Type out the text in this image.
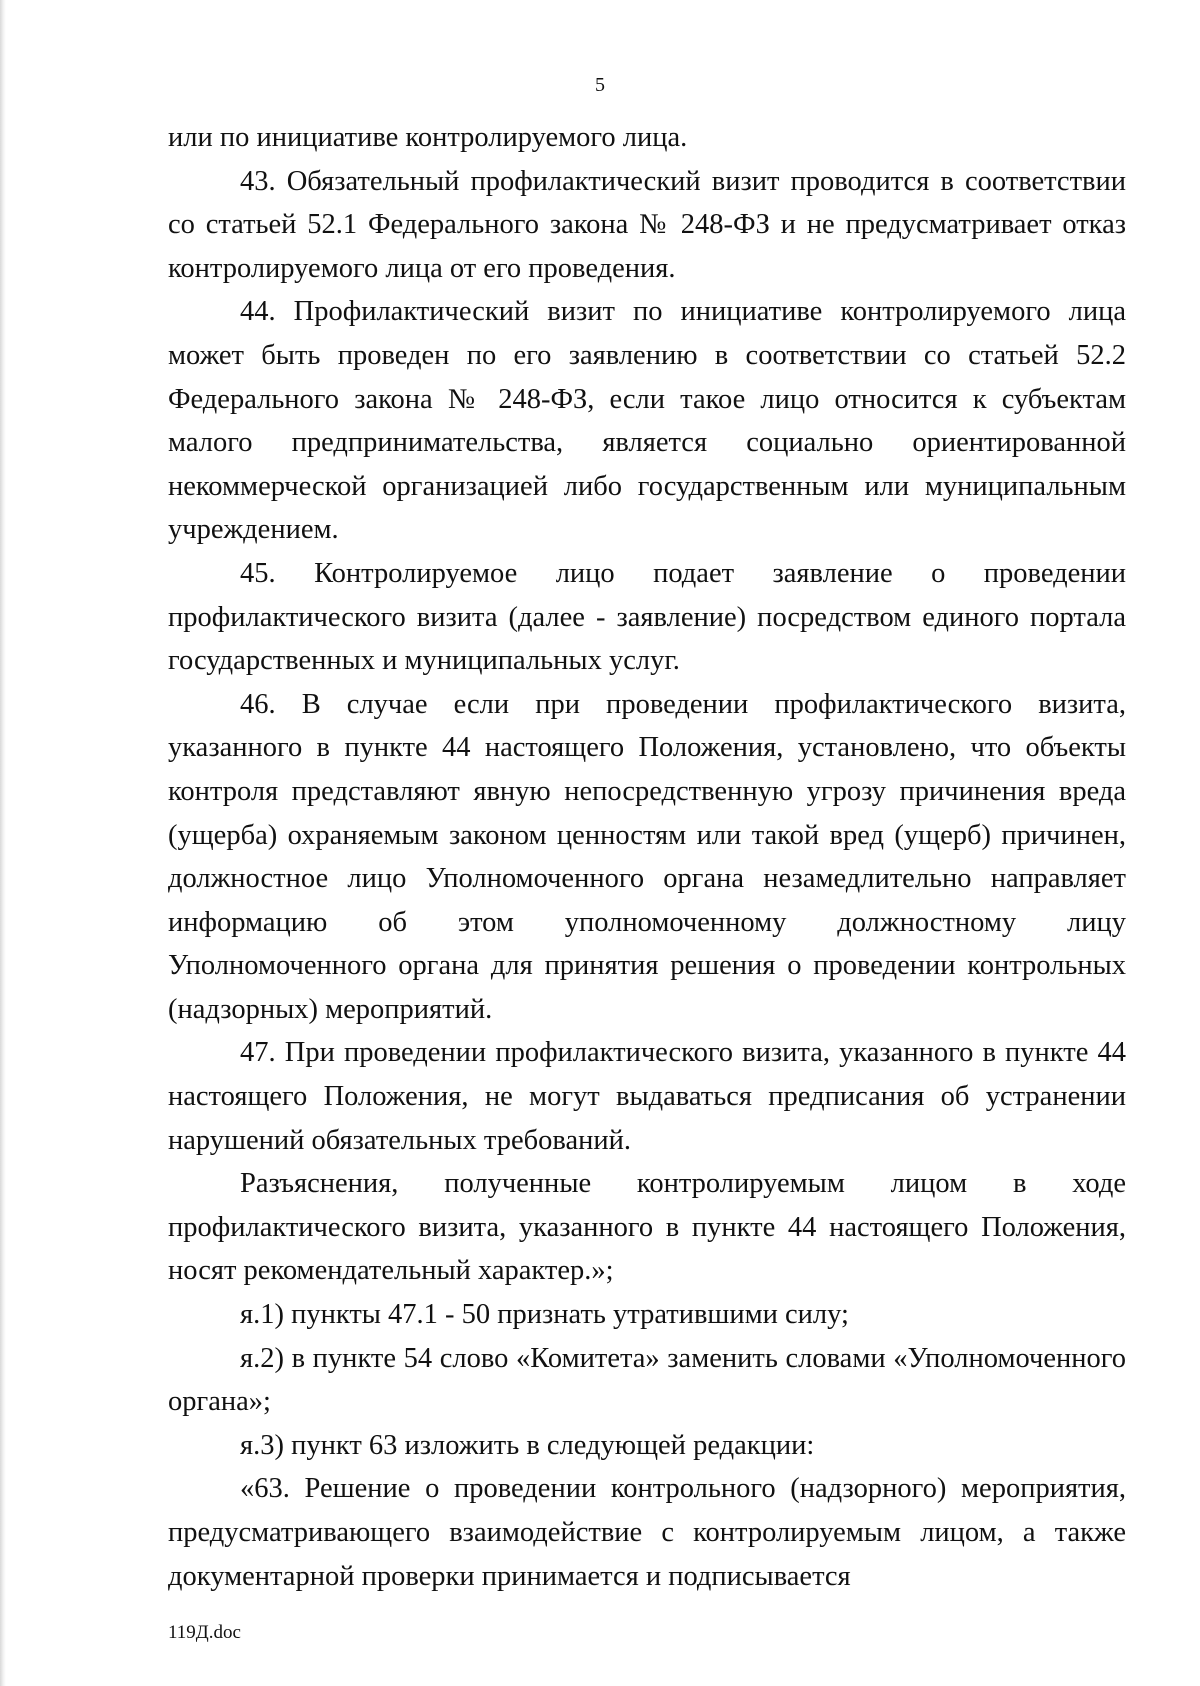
5

или по инициативе контролируемого лица.

43. Обязательный профилактический визит проводится в соответствии со статьей 52.1 Федерального закона № 248-ФЗ и не предусматривает отказ контролируемого лица от его проведения.

44. Профилактический визит по инициативе контролируемого лица может быть проведен по его заявлению в соответствии со статьей 52.2 Федерального закона № 248-ФЗ, если такое лицо относится к субъектам малого предпринимательства, является социально ориентированной некоммерческой организацией либо государственным или муниципальным учреждением.

45. Контролируемое лицо подает заявление о проведении профилактического визита (далее - заявление) посредством единого портала государственных и муниципальных услуг.

46. В случае если при проведении профилактического визита, указанного в пункте 44 настоящего Положения, установлено, что объекты контроля представляют явную непосредственную угрозу причинения вреда (ущерба) охраняемым законом ценностям или такой вред (ущерб) причинен, должностное лицо Уполномоченного органа незамедлительно направляет информацию об этом уполномоченному должностному лицу Уполномоченного органа для принятия решения о проведении контрольных (надзорных) мероприятий.

47. При проведении профилактического визита, указанного в пункте 44 настоящего Положения, не могут выдаваться предписания об устранении нарушений обязательных требований.

Разъяснения, полученные контролируемым лицом в ходе профилактического визита, указанного в пункте 44 настоящего Положения, носят рекомендательный характер.»;

я.1) пункты 47.1 - 50 признать утратившими силу;

я.2) в пункте 54 слово «Комитета» заменить словами «Уполномоченного органа»;

я.3) пункт 63 изложить в следующей редакции:

«63. Решение о проведении контрольного (надзорного) мероприятия, предусматривающего взаимодействие с контролируемым лицом, а также документарной проверки принимается и подписывается

119Д.doc
